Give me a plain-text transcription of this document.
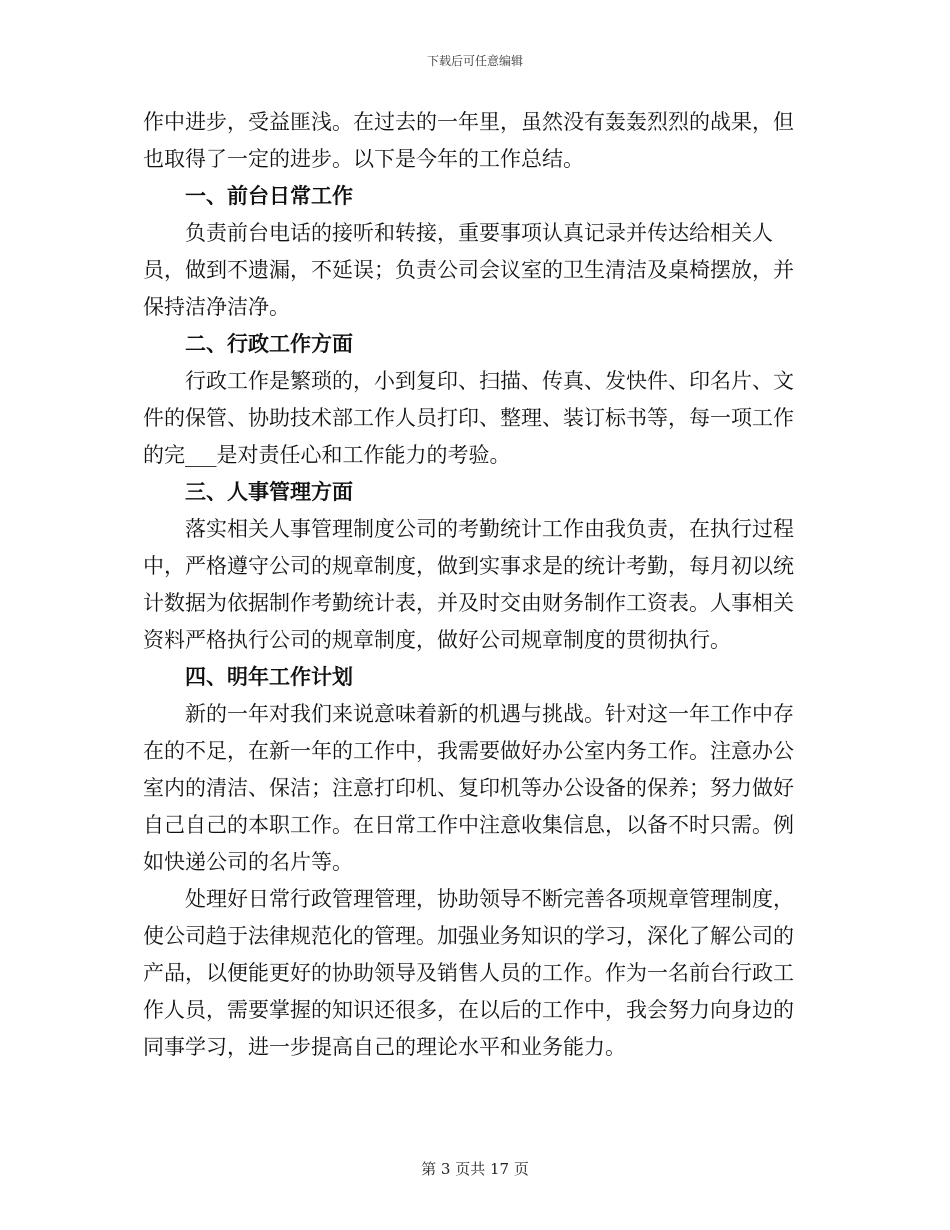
下载后可任意编辑

作中进步，受益匪浅。在过去的一年里，虽然没有轰轰烈烈的战果，但也取得了一定的进步。以下是今年的工作总结。

一、前台日常工作

负责前台电话的接听和转接，重要事项认真记录并传达给相关人员，做到不遗漏，不延误；负责公司会议室的卫生清洁及桌椅摆放，并保持洁净洁净。

二、行政工作方面

行政工作是繁琐的，小到复印、扫描、传真、发快件、印名片、文件的保管、协助技术部工作人员打印、整理、装订标书等，每一项工作的完___是对责任心和工作能力的考验。

三、人事管理方面

落实相关人事管理制度公司的考勤统计工作由我负责，在执行过程中，严格遵守公司的规章制度，做到实事求是的统计考勤，每月初以统计数据为依据制作考勤统计表，并及时交由财务制作工资表。人事相关资料严格执行公司的规章制度，做好公司规章制度的贯彻执行。

四、明年工作计划

新的一年对我们来说意味着新的机遇与挑战。针对这一年工作中存在的不足，在新一年的工作中，我需要做好办公室内务工作。注意办公室内的清洁、保洁；注意打印机、复印机等办公设备的保养；努力做好自己自己的本职工作。在日常工作中注意收集信息，以备不时只需。例如快递公司的名片等。

处理好日常行政管理管理，协助领导不断完善各项规章管理制度，使公司趋于法律规范化的管理。加强业务知识的学习，深化了解公司的产品，以便能更好的协助领导及销售人员的工作。作为一名前台行政工作人员，需要掌握的知识还很多，在以后的工作中，我会努力向身边的同事学习，进一步提高自己的理论水平和业务能力。

第 3 页共 17 页
